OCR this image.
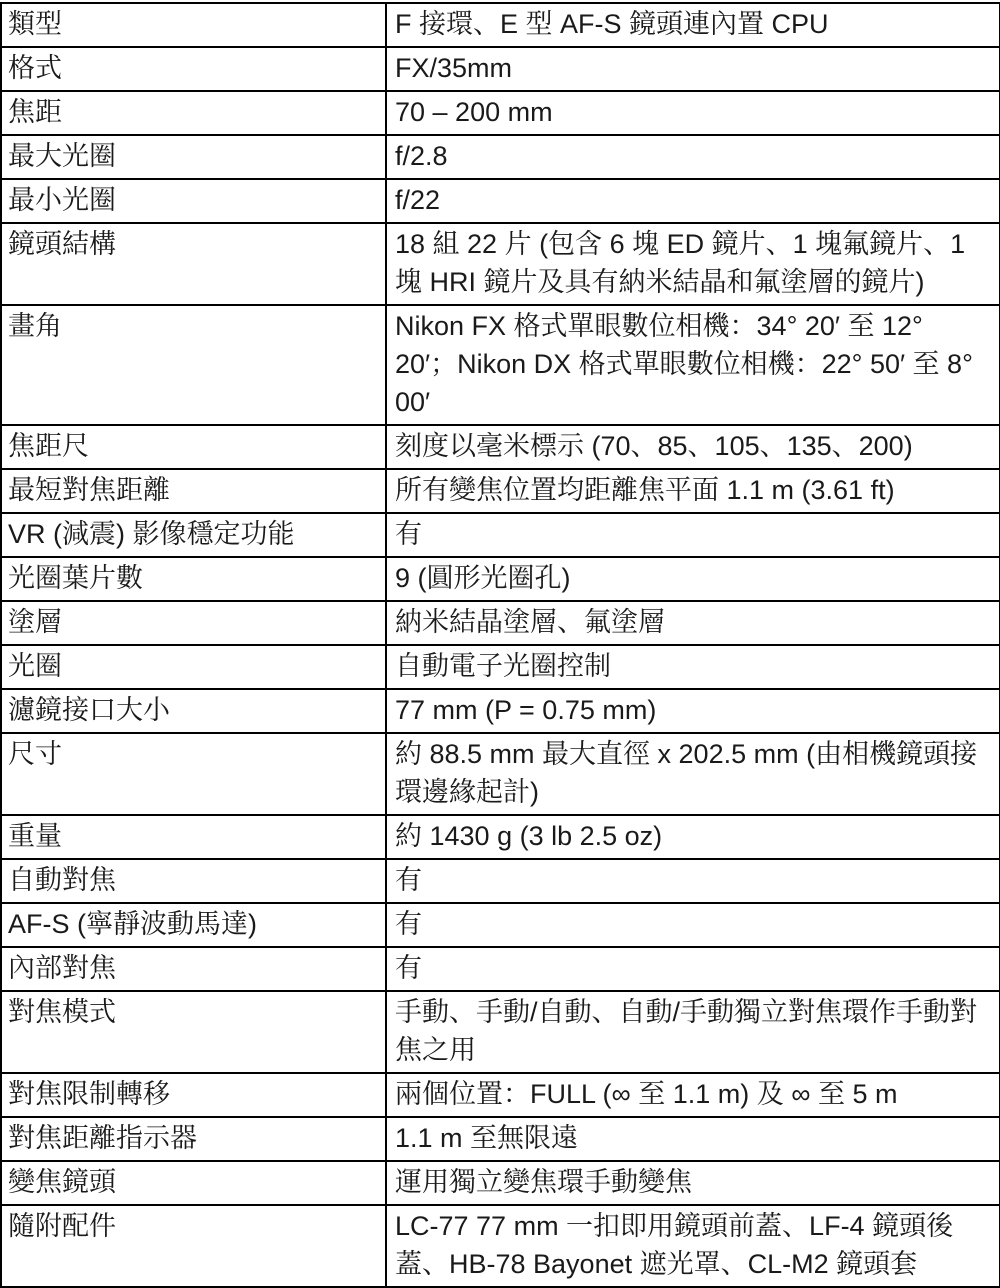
類型	F 接環、E 型 AF-S 鏡頭連內置 CPU
格式	FX/35mm
焦距	70 – 200 mm
最大光圈	f/2.8
最小光圈	f/22
鏡頭結構	18 組 22 片 (包含 6 塊 ED 鏡片、1 塊氟鏡片、1 塊 HRI 鏡片及具有納米結晶和氟塗層的鏡片)
畫角	Nikon FX 格式單眼數位相機：34° 20′ 至 12° 20′；Nikon DX 格式單眼數位相機：22° 50′ 至 8° 00′
焦距尺	刻度以毫米標示 (70、85、105、135、200)
最短對焦距離	所有變焦位置均距離焦平面 1.1 m (3.61 ft)
VR (減震) 影像穩定功能	有
光圈葉片數	9 (圓形光圈孔)
塗層	納米結晶塗層、氟塗層
光圈	自動電子光圈控制
濾鏡接口大小	77 mm (P = 0.75 mm)
尺寸	約 88.5 mm 最大直徑 x 202.5 mm (由相機鏡頭接環邊緣起計)
重量	約 1430 g (3 lb 2.5 oz)
自動對焦	有
AF-S (寧靜波動馬達)	有
內部對焦	有
對焦模式	手動、手動/自動、自動/手動獨立對焦環作手動對焦之用
對焦限制轉移	兩個位置：FULL (∞ 至 1.1 m) 及 ∞ 至 5 m
對焦距離指示器	1.1 m 至無限遠
變焦鏡頭	運用獨立變焦環手動變焦
隨附配件	LC-77 77 mm 一扣即用鏡頭前蓋、LF-4 鏡頭後蓋、HB-78 Bayonet 遮光罩、CL-M2 鏡頭套
